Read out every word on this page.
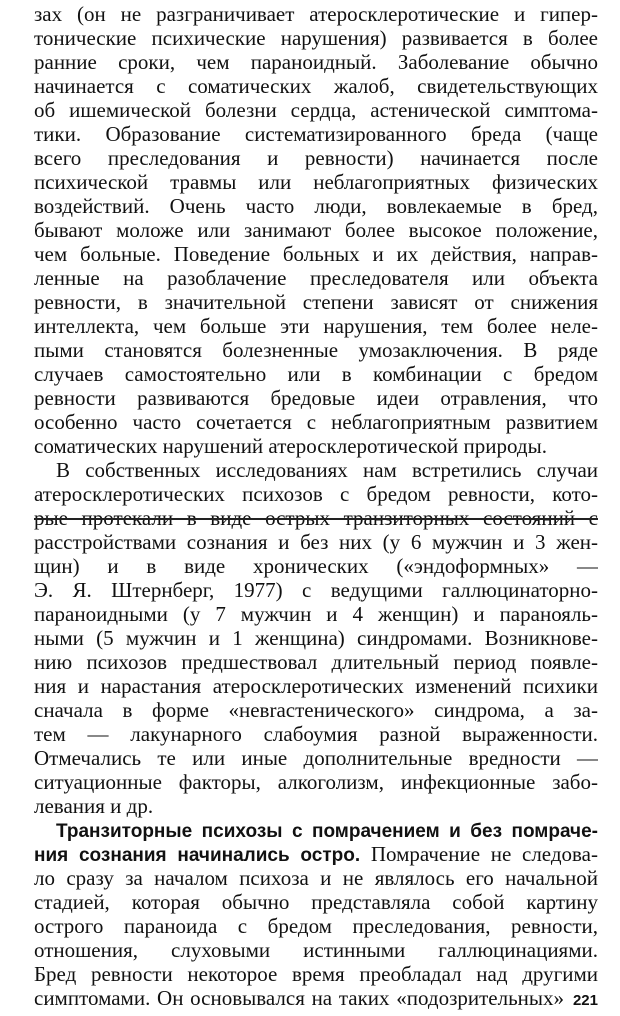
зах (он не разграничивает атеросклеротические и гипер-
тонические психические нарушения) развивается в более
ранние сроки, чем параноидный. Заболевание обычно
начинается с соматических жалоб, свидетельствующих
об ишемической болезни сердца, астенической симптома-
тики. Образование систематизированного бреда (чаще
всего преследования и ревности) начинается после
психической травмы или неблагоприятных физических
воздействий. Очень часто люди, вовлекаемые в бред,
бывают моложе или занимают более высокое положение,
чем больные. Поведение больных и их действия, направ-
ленные на разоблачение преследователя или объекта
ревности, в значительной степени зависят от снижения
интеллекта, чем больше эти нарушения, тем более неле-
пыми становятся болезненные умозаключения. В ряде
случаев самостоятельно или в комбинации с бредом
ревности развиваются бредовые идеи отравления, что
особенно часто сочетается с неблагоприятным развитием
соматических нарушений атеросклеротической природы.
В собственных исследованиях нам встретились случаи
атеросклеротических психозов с бредом ревности, кото-
рые протекали в виде острых транзиторных состояний с
расстройствами сознания и без них (у 6 мужчин и 3 жен-
щин) и в виде хронических («эндоформных» —
Э. Я. Штернберг, 1977) с ведущими галлюцинаторно-
параноидными (у 7 мужчин и 4 женщин) и паранояль-
ными (5 мужчин и 1 женщина) синдромами. Возникнове-
нию психозов предшествовал длительный период появле-
ния и нарастания атеросклеротических изменений психики
сначала в форме «невrастенического» синдрома, а за-
тем — лакунарного слабоумия разной выраженности.
Отмечались те или иные дополнительные вредности —
ситуационные факторы, алкоголизм, инфекционные забо-
левания и др.
Транзиторные психозы с помрачением и без помраче-
ния сознания начинались остро. Помрачение не следова-
ло сразу за началом психоза и не являлось его начальной
стадией, которая обычно представляла собой картину
острого параноида с бредом преследования, ревности,
отношения, слуховыми истинными галлюцинациями.
Бред ревности некоторое время преобладал над другими
симптомами. Он основывался на таких «подозрительных» 221
